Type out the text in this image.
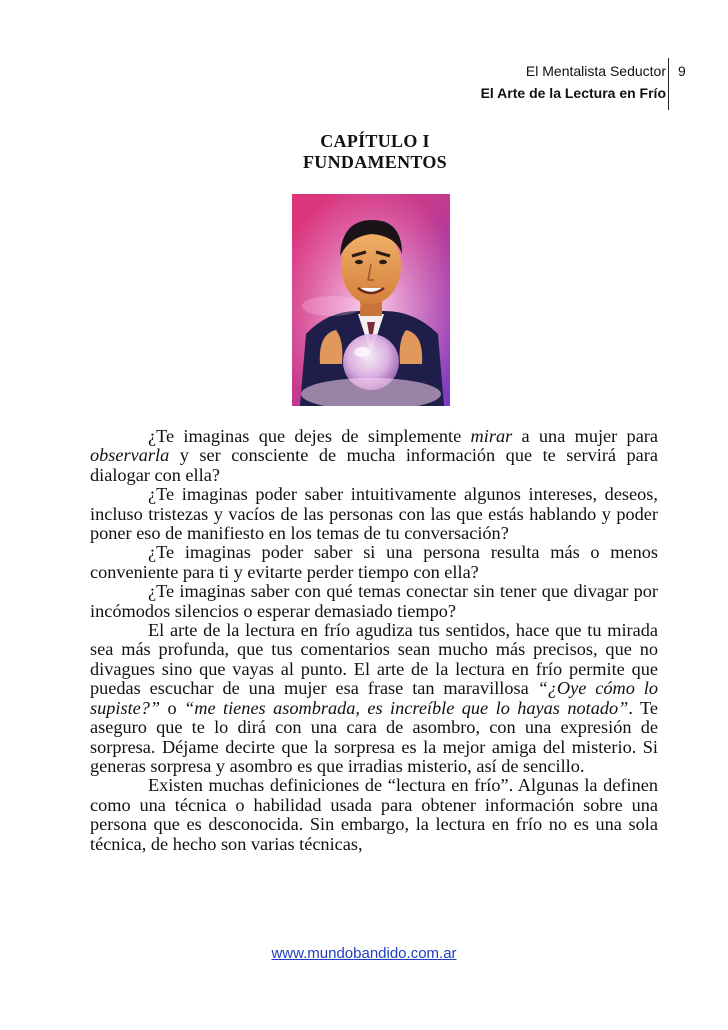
El Mentalista Seductor
El Arte de la Lectura en Frío
9
CAPÍTULO I
FUNDAMENTOS

¿Te imaginas que dejes de simplemente mirar a una mujer para observarla y ser consciente de mucha información que te servirá para dialogar con ella?

¿Te imaginas poder saber intuitivamente algunos intereses, deseos, incluso tristezas y vacíos de las personas con las que estás hablando y poder poner eso de manifiesto en los temas de tu conversación?

¿Te imaginas poder saber si una persona resulta más o menos conveniente para ti y evitarte perder tiempo con ella?

¿Te imaginas saber con qué temas conectar sin tener que divagar por incómodos silencios o esperar demasiado tiempo?

El arte de la lectura en frío agudiza tus sentidos, hace que tu mirada sea más profunda, que tus comentarios sean mucho más precisos, que no divagues sino que vayas al punto. El arte de la lectura en frío permite que puedas escuchar de una mujer esa frase tan maravillosa “¿Oye cómo lo supiste?” o “me tienes asombrada, es increíble que lo hayas notado”. Te aseguro que te lo dirá con una cara de asombro, con una expresión de sorpresa. Déjame decirte que la sorpresa es la mejor amiga del misterio. Si generas sorpresa y asombro es que irradias misterio, así de sencillo.

Existen muchas definiciones de “lectura en frío”. Algunas la definen como una técnica o habilidad usada para obtener información sobre una persona que es desconocida. Sin embargo, la lectura en frío no es una sola técnica, de hecho son varias técnicas,

www.mundobandido.com.ar
